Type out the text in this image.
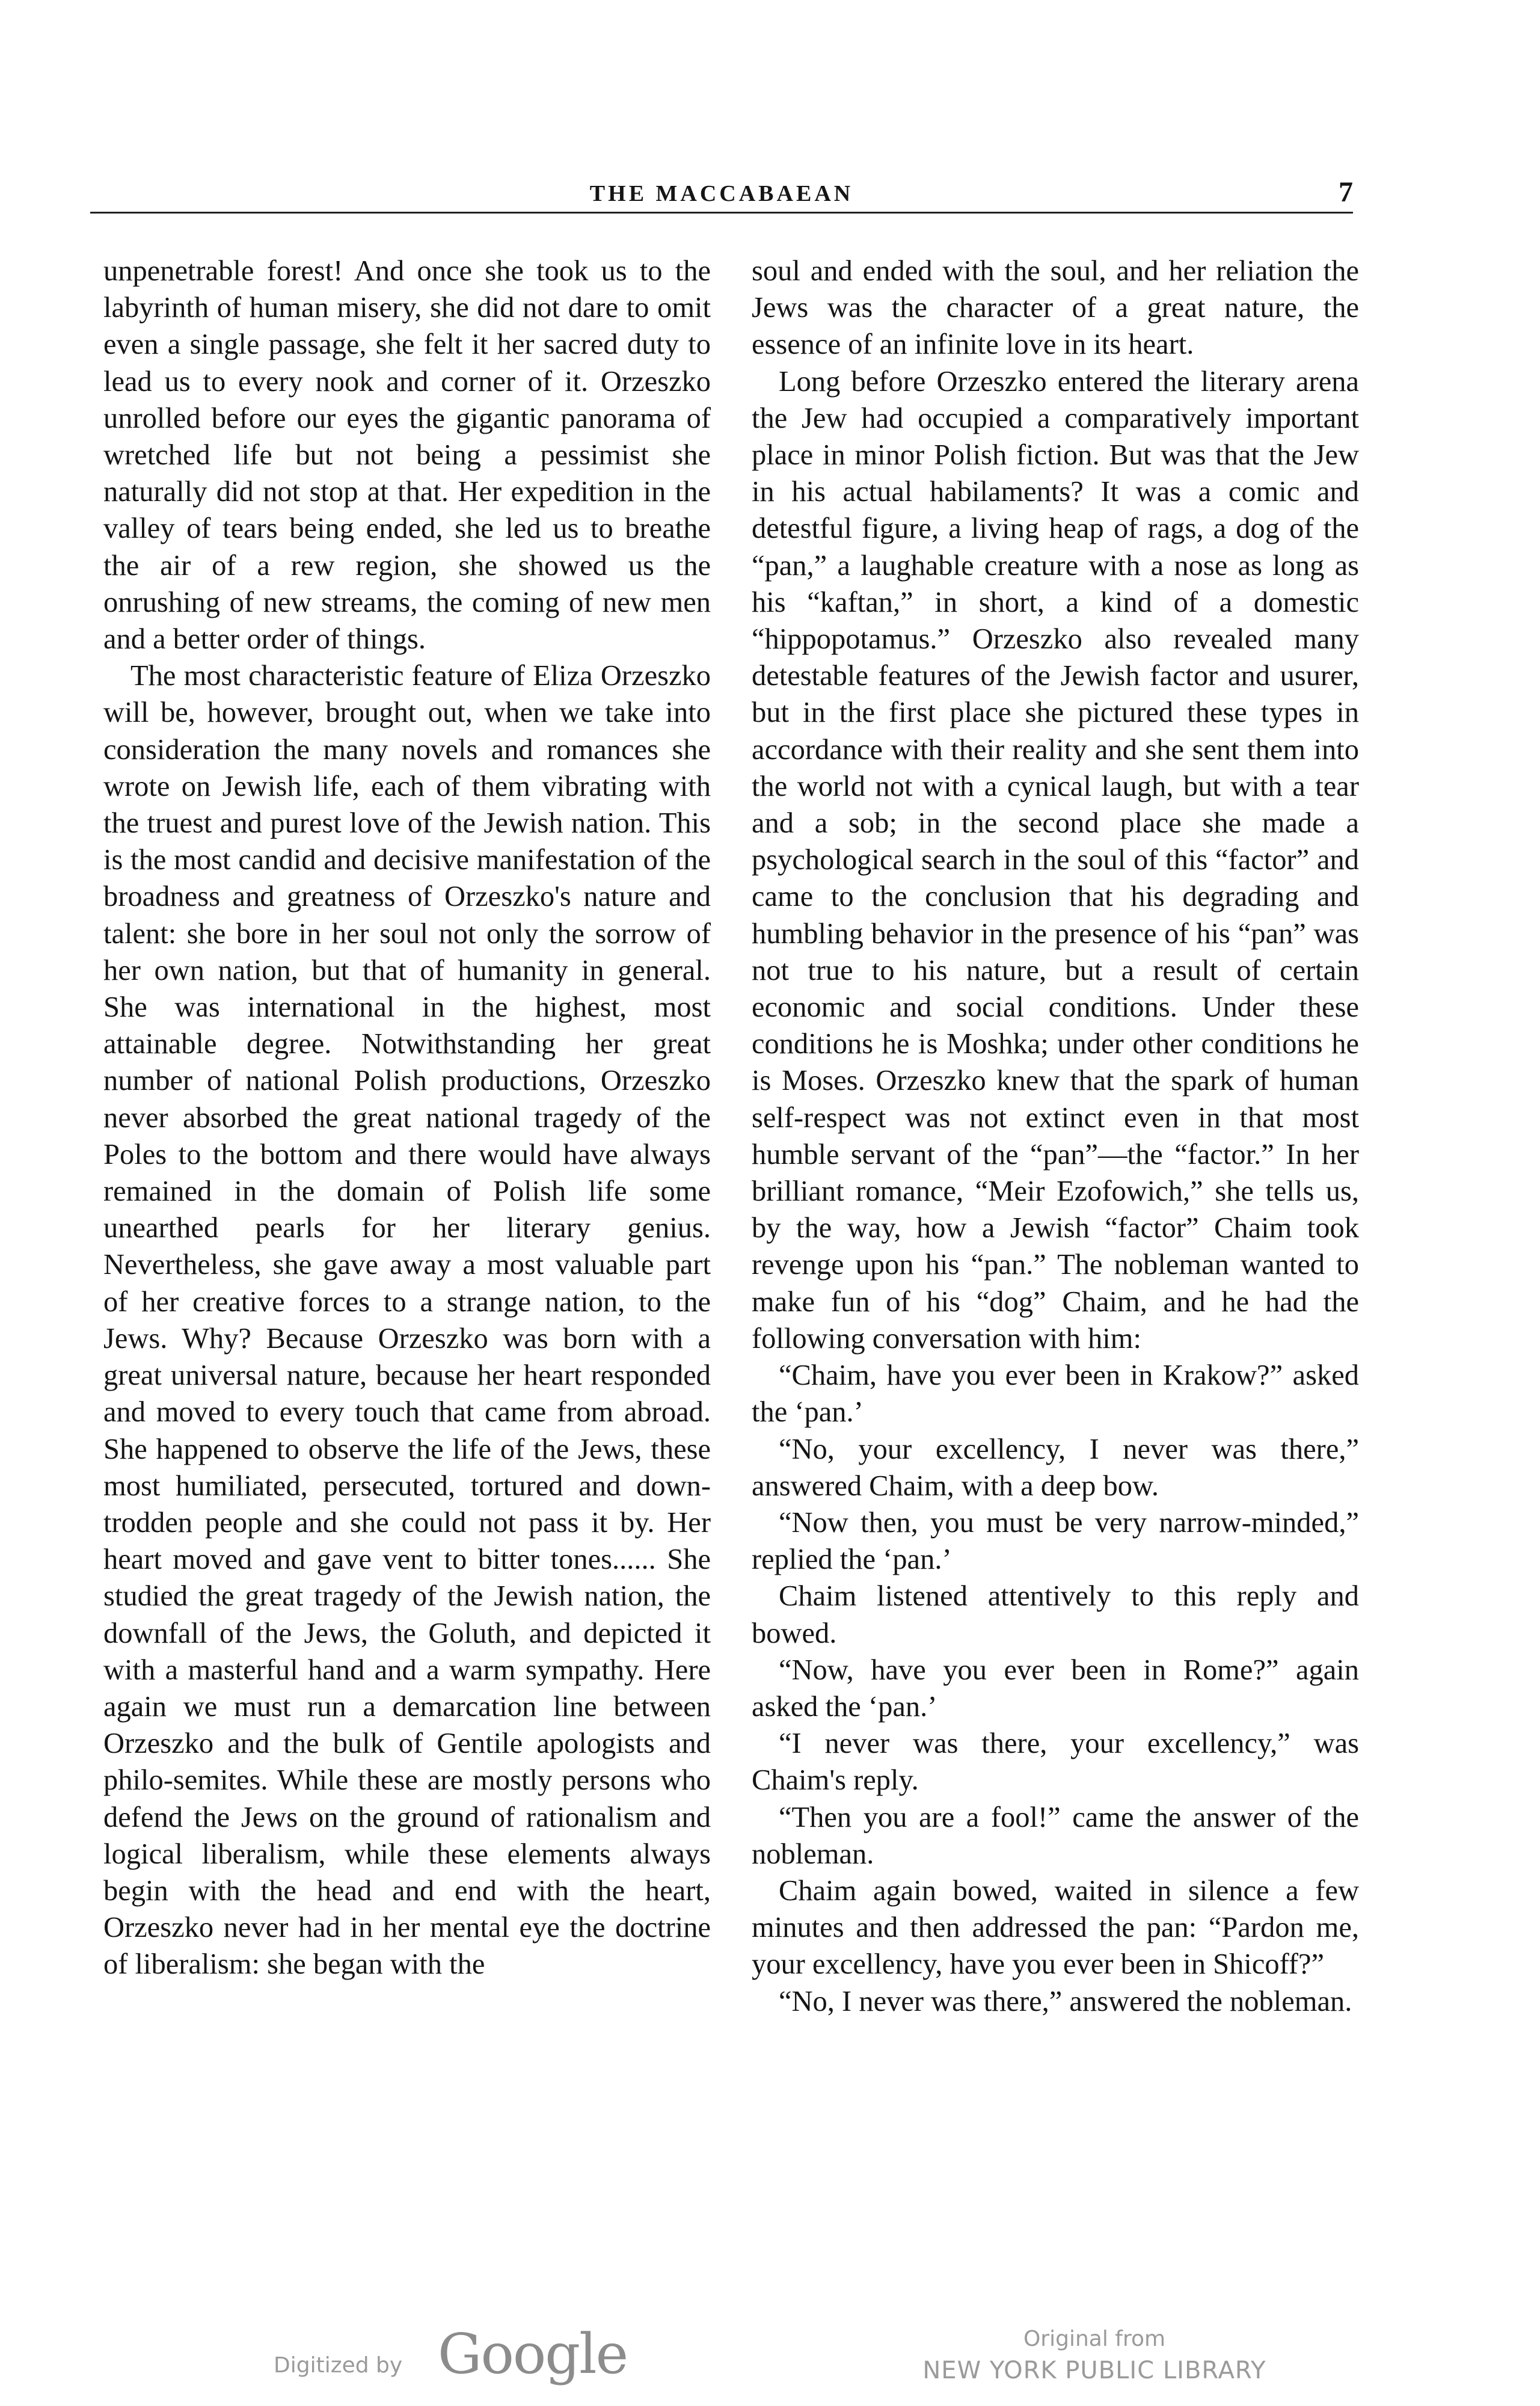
THE MACCABAEAN	7

unpenetrable forest! And once she took us to the labyrinth of human misery, she did not dare to omit even a single passage, she felt it her sacred duty to lead us to every nook and corner of it. Orzeszko unrolled before our eyes the gigantic panorama of wretched life but not being a pessimist she naturally did not stop at that. Her expedition in the valley of tears being ended, she led us to breathe the air of a rew region, she showed us the onrushing of new streams, the coming of new men and a better order of things.

The most characteristic feature of Eliza Orzeszko will be, however, brought out, when we take into consideration the many novels and romances she wrote on Jewish life, each of them vibrating with the truest and purest love of the Jewish nation. This is the most candid and decisive manifestation of the broadness and greatness of Orzeszko's nature and talent: she bore in her soul not only the sorrow of her own nation, but that of humanity in general. She was international in the highest, most attainable degree. Notwithstanding her great number of national Polish productions, Orzeszko never absorbed the great national tragedy of the Poles to the bottom and there would have always remained in the domain of Polish life some unearthed pearls for her literary genius. Nevertheless, she gave away a most valuable part of her creative forces to a strange nation, to the Jews. Why? Because Orzeszko was born with a great universal nature, because her heart responded and moved to every touch that came from abroad. She happened to observe the life of the Jews, these most humiliated, persecuted, tortured and down-trodden people and she could not pass it by. Her heart moved and gave vent to bitter tones...... She studied the great tragedy of the Jewish nation, the downfall of the Jews, the Goluth, and depicted it with a masterful hand and a warm sympathy. Here again we must run a demarcation line between Orzeszko and the bulk of Gentile apologists and philo-semites. While these are mostly persons who defend the Jews on the ground of rationalism and logical liberalism, while these elements always begin with the head and end with the heart, Orzeszko never had in her mental eye the doctrine of liberalism: she began with the

soul and ended with the soul, and her reliation the Jews was the character of a great nature, the essence of an infinite love in its heart.

Long before Orzeszko entered the literary arena the Jew had occupied a comparatively important place in minor Polish fiction. But was that the Jew in his actual habilaments? It was a comic and detestful figure, a living heap of rags, a dog of the “pan,” a laughable creature with a nose as long as his “kaftan,” in short, a kind of a domestic “hippopotamus.” Orzeszko also revealed many detestable features of the Jewish factor and usurer, but in the first place she pictured these types in accordance with their reality and she sent them into the world not with a cynical laugh, but with a tear and a sob; in the second place she made a psychological search in the soul of this “factor” and came to the conclusion that his degrading and humbling behavior in the presence of his “pan” was not true to his nature, but a result of certain economic and social conditions. Under these conditions he is Moshka; under other conditions he is Moses. Orzeszko knew that the spark of human self-respect was not extinct even in that most humble servant of the “pan”—the “factor.” In her brilliant romance, “Meir Ezofowich,” she tells us, by the way, how a Jewish “factor” Chaim took revenge upon his “pan.” The nobleman wanted to make fun of his “dog” Chaim, and he had the following conversation with him:

“Chaim, have you ever been in Krakow?” asked the ‘pan.’

“No, your excellency, I never was there,” answered Chaim, with a deep bow.

“Now then, you must be very narrow-minded,” replied the ‘pan.’

Chaim listened attentively to this reply and bowed.

“Now, have you ever been in Rome?” again asked the ‘pan.’

“I never was there, your excellency,” was Chaim's reply.

“Then you are a fool!” came the answer of the nobleman.

Chaim again bowed, waited in silence a few minutes and then addressed the pan: “Pardon me, your excellency, have you ever been in Shicoff?”

“No, I never was there,” answered the nobleman.

Digitized by Google	Original from
NEW YORK PUBLIC LIBRARY
